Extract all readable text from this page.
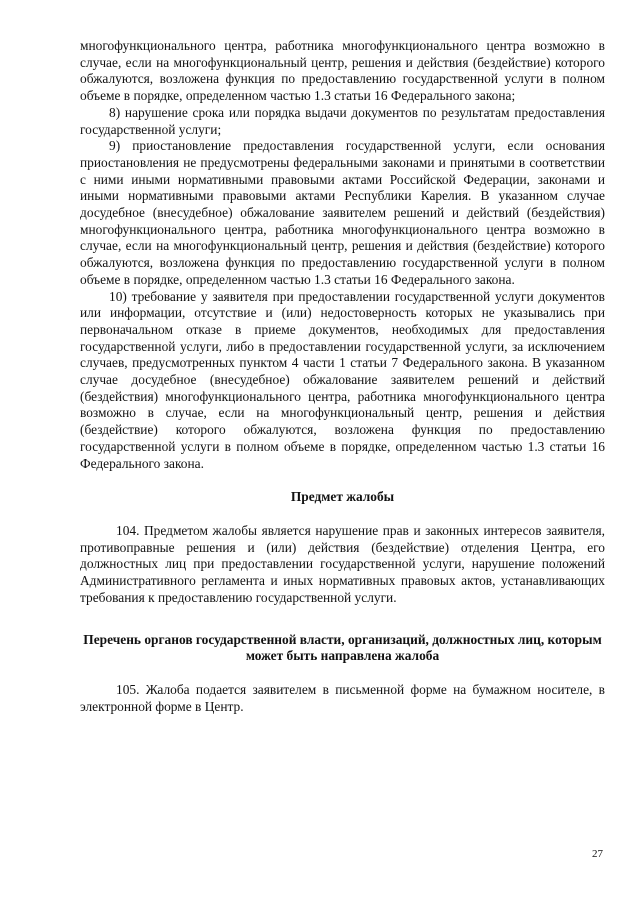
многофункционального центра, работника многофункционального центра возможно в случае, если на многофункциональный центр, решения и действия (бездействие) которого обжалуются, возложена функция по предоставлению государственной услуги в полном объеме в порядке, определенном частью 1.3 статьи 16 Федерального закона;

8) нарушение срока или порядка выдачи документов по результатам предоставления государственной услуги;

9) приостановление предоставления государственной услуги, если основания приостановления не предусмотрены федеральными законами и принятыми в соответствии с ними иными нормативными правовыми актами Российской Федерации, законами и иными нормативными правовыми актами Республики Карелия. В указанном случае досудебное (внесудебное) обжалование заявителем решений и действий (бездействия) многофункционального центра, работника многофункционального центра возможно в случае, если на многофункциональный центр, решения и действия (бездействие) которого обжалуются, возложена функция по предоставлению государственной услуги в полном объеме в порядке, определенном частью 1.3 статьи 16 Федерального закона.

10) требование у заявителя при предоставлении государственной услуги документов или информации, отсутствие и (или) недостоверность которых не указывались при первоначальном отказе в приеме документов, необходимых для предоставления государственной услуги, либо в предоставлении государственной услуги, за исключением случаев, предусмотренных пунктом 4 части 1 статьи 7 Федерального закона. В указанном случае досудебное (внесудебное) обжалование заявителем решений и действий (бездействия) многофункционального центра, работника многофункционального центра возможно в случае, если на многофункциональный центр, решения и действия (бездействие) которого обжалуются, возложена функция по предоставлению государственной услуги в полном объеме в порядке, определенном частью 1.3 статьи 16 Федерального закона.

Предмет жалобы

104. Предметом жалобы является нарушение прав и законных интересов заявителя, противоправные решения и (или) действия (бездействие) отделения Центра, его должностных лиц при предоставлении государственной услуги, нарушение положений Административного регламента и иных нормативных правовых актов, устанавливающих требования к предоставлению государственной услуги.

Перечень органов государственной власти, организаций, должностных лиц, которым может быть направлена жалоба

105. Жалоба подается заявителем в письменной форме на бумажном носителе, в электронной форме в Центр.

27
